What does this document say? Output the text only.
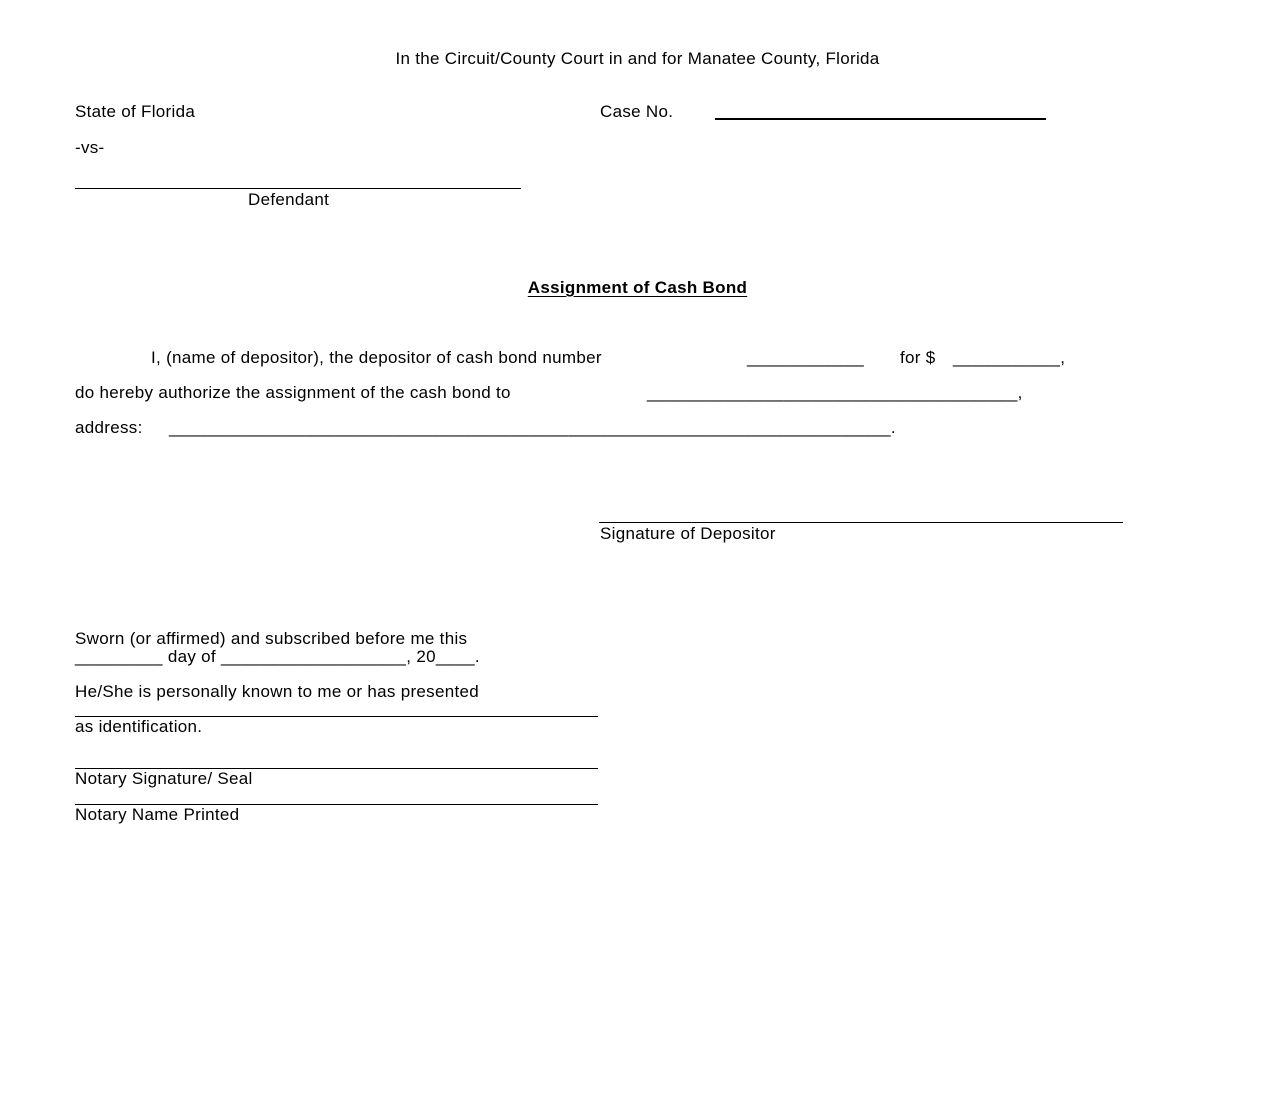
In the Circuit/County Court in and for Manatee County, Florida
State of Florida	Case No.
-vs-
Defendant
Assignment of Cash Bond
I, (name of depositor), the depositor of cash bond number	____________ for $ ___________,
do hereby authorize the assignment of the cash bond to	______________________________________,
address: __________________________________________________________________________.
Signature of Depositor
Sworn (or affirmed) and subscribed before me this
_________ day of ___________________, 20____.
He/She is personally known to me or has presented
as identification.
Notary Signature/ Seal
Notary Name Printed
